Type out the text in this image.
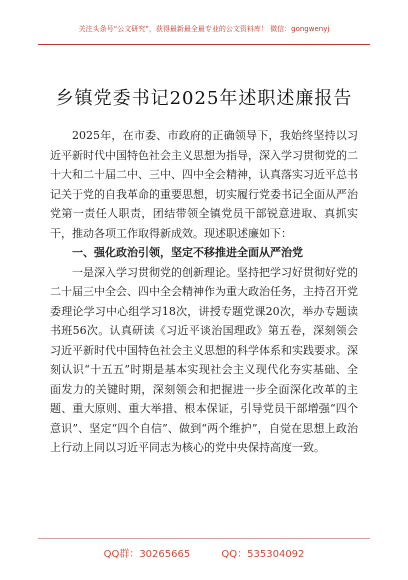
关注头条号“公文研究”，获得最新最全最专业的公文资料库！ 微信：gongwenyj
乡镇党委书记2025年述职述廉报告

2025年，在市委、市政府的正确领导下，我始终坚持以习近平新时代中国特色社会主义思想为指导，深入学习贯彻党的二十大和二十届二中、三中、四中全会精神，认真落实习近平总书记关于党的自我革命的重要思想，切实履行党委书记全面从严治党第一责任人职责，团结带领全镇党员干部锐意进取、真抓实干，推动各项工作取得新成效。现述职述廉如下：

一、强化政治引领，坚定不移推进全面从严治党

一是深入学习贯彻党的创新理论。坚持把学习好贯彻好党的二十届三中全会、四中全会精神作为重大政治任务，主持召开党委理论学习中心组学习18次，讲授专题党课20次，举办专题读书班56次。认真研读《习近平谈治国理政》第五卷，深刻领会习近平新时代中国特色社会主义思想的科学体系和实践要求。深刻认识“十五五”时期是基本实现社会主义现代化夯实基础、全面发力的关键时期，深刻领会和把握进一步全面深化改革的主题、重大原则、重大举措、根本保证，引导党员干部增强“四个意识”、坚定“四个自信”、做到“两个维护”，自觉在思想上政治上行动上同以习近平同志为核心的党中央保持高度一致。

QQ群：30265665	QQ：535304092
